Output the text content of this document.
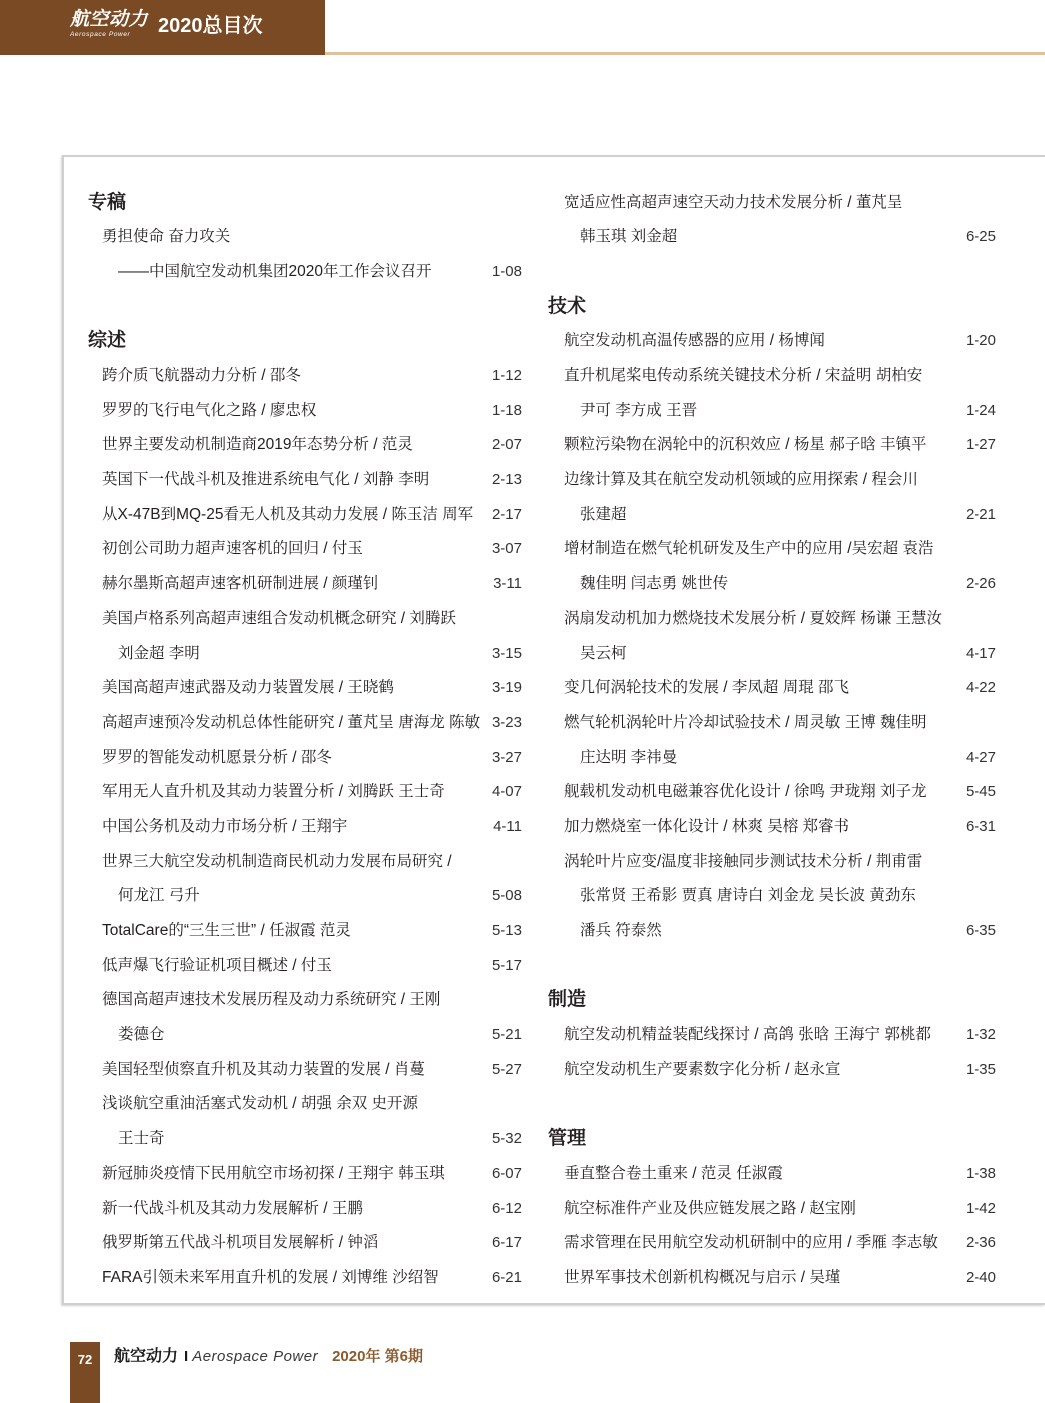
航空动力
Aerospace Power	2020总目次
专稿
勇担使命 奋力攻关
——中国航空发动机集团2020年工作会议召开	1-08
综述
跨介质飞航器动力分析 / 邵冬	1-12
罗罗的飞行电气化之路 / 廖忠权	1-18
世界主要发动机制造商2019年态势分析 / 范灵	2-07
英国下一代战斗机及推进系统电气化 / 刘静 李明	2-13
从X-47B到MQ-25看无人机及其动力发展 / 陈玉洁 周军 2-17
初创公司助力超声速客机的回归 / 付玉	3-07
赫尔墨斯高超声速客机研制进展 / 颜瑾钊	3-11
美国卢格系列高超声速组合发动机概念研究 / 刘腾跃
刘金超 李明	3-15
美国高超声速武器及动力装置发展 / 王晓鹤	3-19
高超声速预冷发动机总体性能研究 / 董芃呈 唐海龙 陈敏 3-23
罗罗的智能发动机愿景分析 / 邵冬	3-27
军用无人直升机及其动力装置分析 / 刘腾跃 王士奇	4-07
中国公务机及动力市场分析 / 王翔宇	4-11
世界三大航空发动机制造商民机动力发展布局研究 /
何龙江 弓升	5-08
TotalCare的“三生三世” / 任淑霞 范灵	5-13
低声爆飞行验证机项目概述 / 付玉	5-17
德国高超声速技术发展历程及动力系统研究 / 王刚
娄德仓	5-21
美国轻型侦察直升机及其动力装置的发展 / 肖蔓	5-27
浅谈航空重油活塞式发动机 / 胡强 余双 史开源
王士奇	5-32
新冠肺炎疫情下民用航空市场初探 / 王翔宇 韩玉琪	6-07
新一代战斗机及其动力发展解析 / 王鹏	6-12
俄罗斯第五代战斗机项目发展解析 / 钟滔	6-17
FARA引领未来军用直升机的发展 / 刘博维 沙绍智	6-21
宽适应性高超声速空天动力技术发展分析 / 董芃呈
韩玉琪 刘金超	6-25
技术
航空发动机高温传感器的应用 / 杨博闻	1-20
直升机尾桨电传动系统关键技术分析 / 宋益明 胡柏安
尹可 李方成 王晋	1-24
颗粒污染物在涡轮中的沉积效应 / 杨星 郝子晗 丰镇平	1-27
边缘计算及其在航空发动机领域的应用探索 / 程会川
张建超	2-21
增材制造在燃气轮机研发及生产中的应用 /吴宏超 袁浩
魏佳明 闫志勇 姚世传	2-26
涡扇发动机加力燃烧技术发展分析 / 夏姣辉 杨谦 王慧汝
吴云柯	4-17
变几何涡轮技术的发展 / 李凤超 周琨 邵飞	4-22
燃气轮机涡轮叶片冷却试验技术 / 周灵敏 王博 魏佳明
庄达明 李祎曼	4-27
舰载机发动机电磁兼容优化设计 / 徐鸣 尹珑翔 刘子龙	5-45
加力燃烧室一体化设计 / 林爽 吴榕 郑睿书	6-31
涡轮叶片应变/温度非接触同步测试技术分析 / 荆甫雷
张常贤 王希影 贾真 唐诗白 刘金龙 吴长波 黄劲东
潘兵 符泰然	6-35
制造
航空发动机精益装配线探讨 / 高鸽 张晗 王海宁 郭桃都 1-32
航空发动机生产要素数字化分析 / 赵永宣	1-35
管理
垂直整合卷土重来 / 范灵 任淑霞	1-38
航空标准件产业及供应链发展之路 / 赵宝刚	1-42
需求管理在民用航空发动机研制中的应用 / 季雁 李志敏 2-36
世界军事技术创新机构概况与启示 / 吴瑾	2-40
72	航空动力 I Aerospace Power 2020年 第6期
